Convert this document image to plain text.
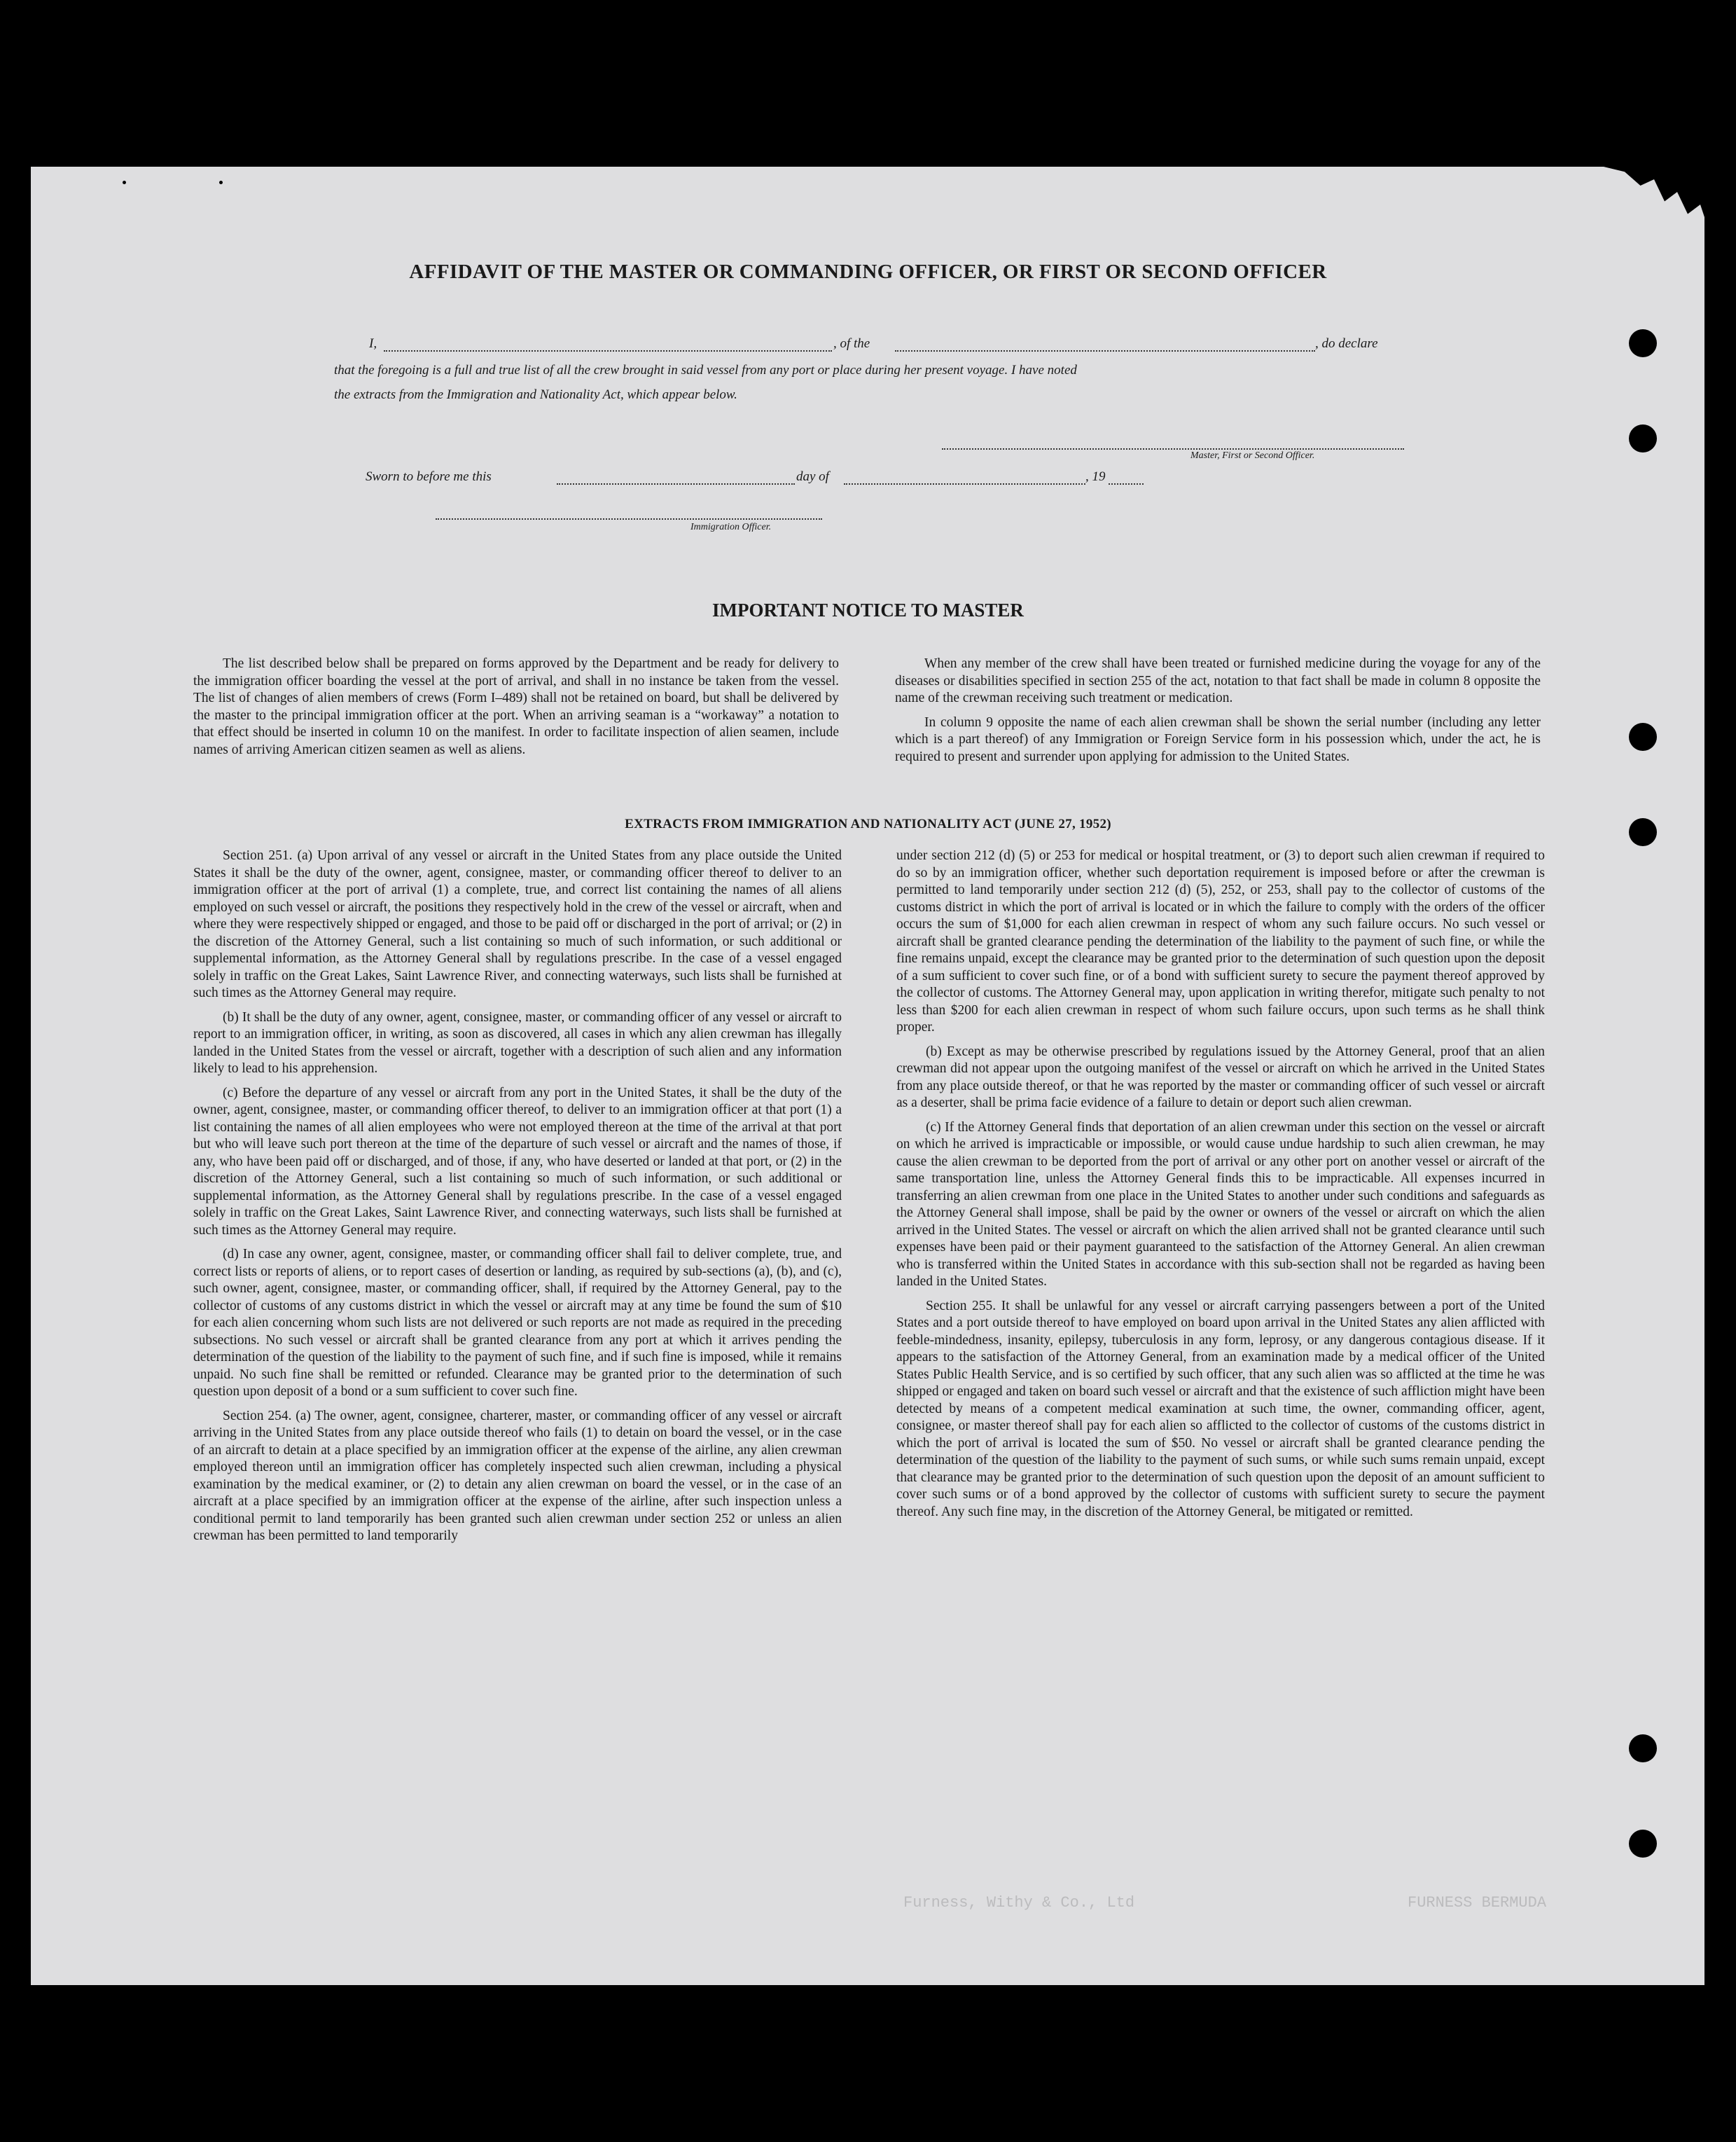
AFFIDAVIT OF THE MASTER OR COMMANDING OFFICER, OR FIRST OR SECOND OFFICER
I,	, of the	, do declare
that the foregoing is a full and true list of all the crew brought in said vessel from any port or place during her present voyage. I have noted
the extracts from the Immigration and Nationality Act, which appear below.
Master, First or Second Officer.
Sworn to before me this	day of	, 19
Immigration Officer.
IMPORTANT NOTICE TO MASTER

The list described below shall be prepared on forms approved by the Department and be ready for delivery to the immigration officer boarding the vessel at the port of arrival, and shall in no instance be taken from the vessel. The list of changes of alien members of crews (Form I–489) shall not be retained on board, but shall be delivered by the master to the principal immigration officer at the port. When an arriving seaman is a “workaway” a notation to that effect should be inserted in column 10 on the manifest. In order to facilitate inspection of alien seamen, include names of arriving American citizen seamen as well as aliens.

When any member of the crew shall have been treated or furnished medicine during the voyage for any of the diseases or disabilities specified in section 255 of the act, notation to that fact shall be made in column 8 opposite the name of the crewman receiving such treatment or medication.

In column 9 opposite the name of each alien crewman shall be shown the serial number (including any letter which is a part thereof) of any Immigration or Foreign Service form in his possession which, under the act, he is required to present and surrender upon applying for admission to the United States.

EXTRACTS FROM IMMIGRATION AND NATIONALITY ACT (JUNE 27, 1952)

Section 251. (a) Upon arrival of any vessel or aircraft in the United States from any place outside the United States it shall be the duty of the owner, agent, consignee, master, or commanding officer thereof to deliver to an immigration officer at the port of arrival (1) a complete, true, and correct list containing the names of all aliens employed on such vessel or aircraft, the positions they respectively hold in the crew of the vessel or aircraft, when and where they were respectively shipped or engaged, and those to be paid off or discharged in the port of arrival; or (2) in the discretion of the Attorney General, such a list containing so much of such information, or such additional or supplemental information, as the Attorney General shall by regulations prescribe. In the case of a vessel engaged solely in traffic on the Great Lakes, Saint Lawrence River, and connecting waterways, such lists shall be furnished at such times as the Attorney General may require.

(b) It shall be the duty of any owner, agent, consignee, master, or commanding officer of any vessel or aircraft to report to an immigration officer, in writing, as soon as discovered, all cases in which any alien crewman has illegally landed in the United States from the vessel or aircraft, together with a description of such alien and any information likely to lead to his apprehension.

(c) Before the departure of any vessel or aircraft from any port in the United States, it shall be the duty of the owner, agent, consignee, master, or commanding officer thereof, to deliver to an immigration officer at that port (1) a list containing the names of all alien employees who were not employed thereon at the time of the arrival at that port but who will leave such port thereon at the time of the departure of such vessel or aircraft and the names of those, if any, who have been paid off or discharged, and of those, if any, who have deserted or landed at that port, or (2) in the discretion of the Attorney General, such a list containing so much of such information, or such additional or supplemental information, as the Attorney General shall by regulations prescribe. In the case of a vessel engaged solely in traffic on the Great Lakes, Saint Lawrence River, and connecting waterways, such lists shall be furnished at such times as the Attorney General may require.

(d) In case any owner, agent, consignee, master, or commanding officer shall fail to deliver complete, true, and correct lists or reports of aliens, or to report cases of desertion or landing, as required by sub-sections (a), (b), and (c), such owner, agent, consignee, master, or commanding officer, shall, if required by the Attorney General, pay to the collector of customs of any customs district in which the vessel or aircraft may at any time be found the sum of $10 for each alien concerning whom such lists are not delivered or such reports are not made as required in the preceding subsections. No such vessel or aircraft shall be granted clearance from any port at which it arrives pending the determination of the question of the liability to the payment of such fine, and if such fine is imposed, while it remains unpaid. No such fine shall be remitted or refunded. Clearance may be granted prior to the determination of such question upon deposit of a bond or a sum sufficient to cover such fine.

Section 254. (a) The owner, agent, consignee, charterer, master, or commanding officer of any vessel or aircraft arriving in the United States from any place outside thereof who fails (1) to detain on board the vessel, or in the case of an aircraft to detain at a place specified by an immigration officer at the expense of the airline, any alien crewman employed thereon until an immigration officer has completely inspected such alien crewman, including a physical examination by the medical examiner, or (2) to detain any alien crewman on board the vessel, or in the case of an aircraft at a place specified by an immigration officer at the expense of the airline, after such inspection unless a conditional permit to land temporarily has been granted such alien crewman under section 252 or unless an alien crewman has been permitted to land temporarily

under section 212 (d) (5) or 253 for medical or hospital treatment, or (3) to deport such alien crewman if required to do so by an immigration officer, whether such deportation requirement is imposed before or after the crewman is permitted to land temporarily under section 212 (d) (5), 252, or 253, shall pay to the collector of customs of the customs district in which the port of arrival is located or in which the failure to comply with the orders of the officer occurs the sum of $1,000 for each alien crewman in respect of whom any such failure occurs. No such vessel or aircraft shall be granted clearance pending the determination of the liability to the payment of such fine, or while the fine remains unpaid, except the clearance may be granted prior to the determination of such question upon the deposit of a sum sufficient to cover such fine, or of a bond with sufficient surety to secure the payment thereof approved by the collector of customs. The Attorney General may, upon application in writing therefor, mitigate such penalty to not less than $200 for each alien crewman in respect of whom such failure occurs, upon such terms as he shall think proper.

(b) Except as may be otherwise prescribed by regulations issued by the Attorney General, proof that an alien crewman did not appear upon the outgoing manifest of the vessel or aircraft on which he arrived in the United States from any place outside thereof, or that he was reported by the master or commanding officer of such vessel or aircraft as a deserter, shall be prima facie evidence of a failure to detain or deport such alien crewman.

(c) If the Attorney General finds that deportation of an alien crewman under this section on the vessel or aircraft on which he arrived is impracticable or impossible, or would cause undue hardship to such alien crewman, he may cause the alien crewman to be deported from the port of arrival or any other port on another vessel or aircraft of the same transportation line, unless the Attorney General finds this to be impracticable. All expenses incurred in transferring an alien crewman from one place in the United States to another under such conditions and safeguards as the Attorney General shall impose, shall be paid by the owner or owners of the vessel or aircraft on which the alien arrived in the United States. The vessel or aircraft on which the alien arrived shall not be granted clearance until such expenses have been paid or their payment guaranteed to the satisfaction of the Attorney General. An alien crewman who is transferred within the United States in accordance with this sub-section shall not be regarded as having been landed in the United States.

Section 255. It shall be unlawful for any vessel or aircraft carrying passengers between a port of the United States and a port outside thereof to have employed on board upon arrival in the United States any alien afflicted with feeble-mindedness, insanity, epilepsy, tuberculosis in any form, leprosy, or any dangerous contagious disease. If it appears to the satisfaction of the Attorney General, from an examination made by a medical officer of the United States Public Health Service, and is so certified by such officer, that any such alien was so afflicted at the time he was shipped or engaged and taken on board such vessel or aircraft and that the existence of such affliction might have been detected by means of a competent medical examination at such time, the owner, commanding officer, agent, consignee, or master thereof shall pay for each alien so afflicted to the collector of customs of the customs district in which the port of arrival is located the sum of $50. No vessel or aircraft shall be granted clearance pending the determination of the question of the liability to the payment of such sums, or while such sums remain unpaid, except that clearance may be granted prior to the determination of such question upon the deposit of an amount sufficient to cover such sums or of a bond approved by the collector of customs with sufficient surety to secure the payment thereof. Any such fine may, in the discretion of the Attorney General, be mitigated or remitted.

Furness, Withy & Co., Ltd	FURNESS BERMUDA
